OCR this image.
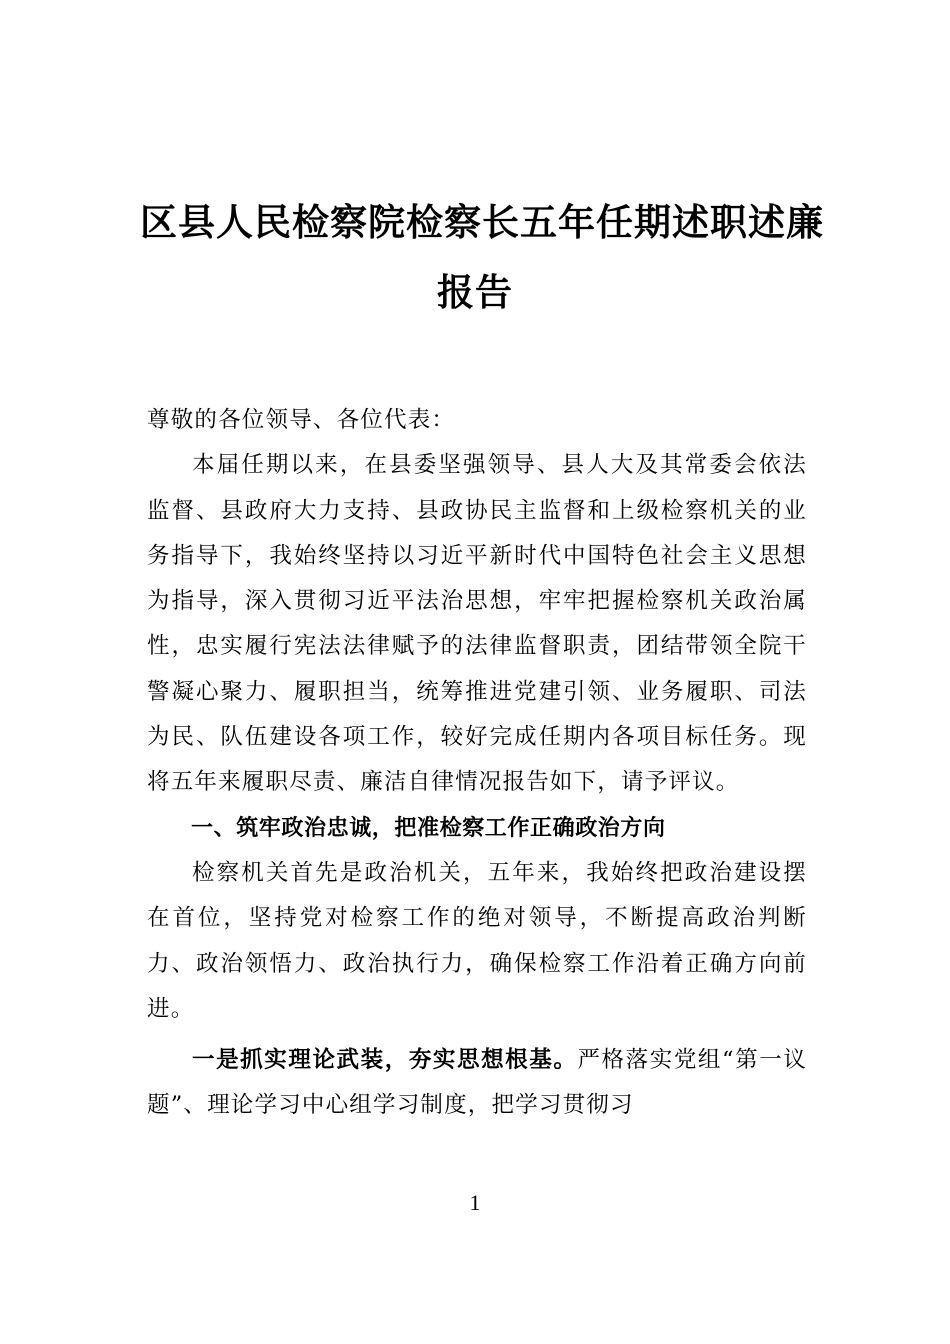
区县人民检察院检察长五年任期述职述廉
报告

尊敬的各位领导、各位代表：

本届任期以来，在县委坚强领导、县人大及其常委会依法监督、县政府大力支持、县政协民主监督和上级检察机关的业务指导下，我始终坚持以习近平新时代中国特色社会主义思想为指导，深入贯彻习近平法治思想，牢牢把握检察机关政治属性，忠实履行宪法法律赋予的法律监督职责，团结带领全院干警凝心聚力、履职担当，统筹推进党建引领、业务履职、司法为民、队伍建设各项工作，较好完成任期内各项目标任务。现将五年来履职尽责、廉洁自律情况报告如下，请予评议。

一、筑牢政治忠诚，把准检察工作正确政治方向

检察机关首先是政治机关，五年来，我始终把政治建设摆在首位，坚持党对检察工作的绝对领导，不断提高政治判断力、政治领悟力、政治执行力，确保检察工作沿着正确方向前进。

一是抓实理论武装，夯实思想根基。严格落实党组“第一议题”、理论学习中心组学习制度，把学习贯彻习

1
